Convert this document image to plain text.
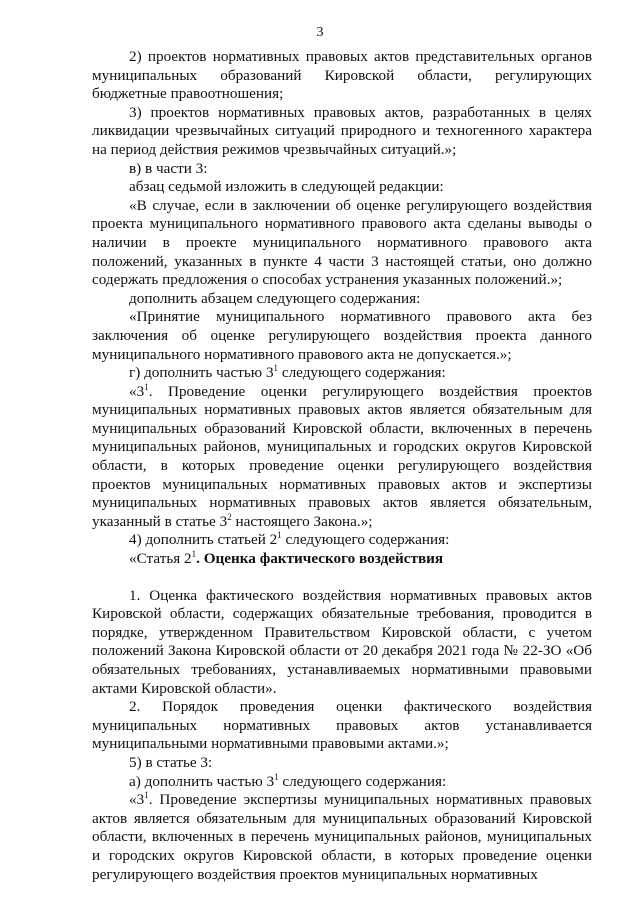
3

2) проектов нормативных правовых актов представительных органов муниципальных образований Кировской области, регулирующих бюджетные правоотношения;

3) проектов нормативных правовых актов, разработанных в целях ликвидации чрезвычайных ситуаций природного и техногенного характера на период действия режимов чрезвычайных ситуаций.»;

в) в части 3:

абзац седьмой изложить в следующей редакции:

«В случае, если в заключении об оценке регулирующего воздействия проекта муниципального нормативного правового акта сделаны выводы о наличии в проекте муниципального нормативного правового акта положений, указанных в пункте 4 части 3 настоящей статьи, оно должно содержать предложения о способах устранения указанных положений.»;

дополнить абзацем следующего содержания:

«Принятие муниципального нормативного правового акта без заключения об оценке регулирующего воздействия проекта данного муниципального нормативного правового акта не допускается.»;

г) дополнить частью $3^1$ следующего содержания:

«$3^1$. Проведение оценки регулирующего воздействия проектов муниципальных нормативных правовых актов является обязательным для муниципальных образований Кировской области, включенных в перечень муниципальных районов, муниципальных и городских округов Кировской области, в которых проведение оценки регулирующего воздействия проектов муниципальных нормативных правовых актов и экспертизы муниципальных нормативных правовых актов является обязательным, указанный в статье $3^2$ настоящего Закона.»;

4) дополнить статьей $2^1$ следующего содержания:

«Статья $2^1$. Оценка фактического воздействия

1. Оценка фактического воздействия нормативных правовых актов Кировской области, содержащих обязательные требования, проводится в порядке, утвержденном Правительством Кировской области, с учетом положений Закона Кировской области от 20 декабря 2021 года № 22-ЗО «Об обязательных требованиях, устанавливаемых нормативными правовыми актами Кировской области».

2. Порядок проведения оценки фактического воздействия муниципальных нормативных правовых актов устанавливается муниципальными нормативными правовыми актами.»;

5) в статье 3:

а) дополнить частью $3^1$ следующего содержания:

«$3^1$. Проведение экспертизы муниципальных нормативных правовых актов является обязательным для муниципальных образований Кировской области, включенных в перечень муниципальных районов, муниципальных и городских округов Кировской области, в которых проведение оценки регулирующего воздействия проектов муниципальных нормативных
